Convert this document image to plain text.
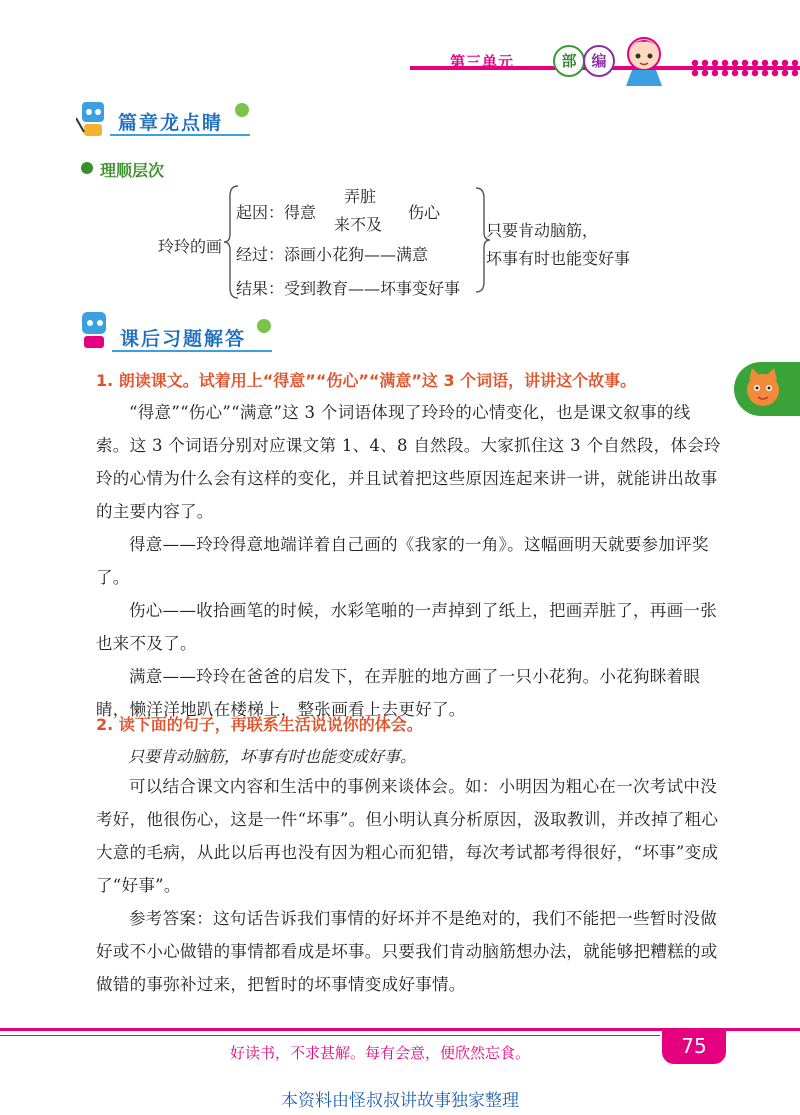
第三单元	部 编
篇章龙点睛
理顺层次
玲玲的画
起因：得意
弄脏
来不及
伤心
经过：添画小花狗——满意
结果：受到教育——坏事变好事
只要肯动脑筋，
坏事有时也能变好事
课后习题解答
1. 朗读课文。试着用上“得意”“伤心”“满意”这 3 个词语，讲讲这个故事。

“得意”“伤心”“满意”这 3 个词语体现了玲玲的心情变化，也是课文叙事的线索。这 3 个词语分别对应课文第 1、4、8 自然段。大家抓住这 3 个自然段，体会玲玲的心情为什么会有这样的变化，并且试着把这些原因连起来讲一讲，就能讲出故事的主要内容了。

得意——玲玲得意地端详着自己画的《我家的一角》。这幅画明天就要参加评奖了。

伤心——收拾画笔的时候，水彩笔啪的一声掉到了纸上，把画弄脏了，再画一张也来不及了。

满意——玲玲在爸爸的启发下，在弄脏的地方画了一只小花狗。小花狗眯着眼睛，懒洋洋地趴在楼梯上，整张画看上去更好了。

2. 读下面的句子，再联系生活说说你的体会。
只要肯动脑筋，坏事有时也能变成好事。

可以结合课文内容和生活中的事例来谈体会。如：小明因为粗心在一次考试中没考好，他很伤心，这是一件“坏事”。但小明认真分析原因，汲取教训，并改掉了粗心大意的毛病，从此以后再也没有因为粗心而犯错，每次考试都考得很好，“坏事”变成了“好事”。

参考答案：这句话告诉我们事情的好坏并不是绝对的，我们不能把一些暂时没做好或不小心做错的事情都看成是坏事。只要我们肯动脑筋想办法，就能够把糟糕的或做错的事弥补过来，把暂时的坏事情变成好事情。

好读书，不求甚解。每有会意，便欣然忘食。	75
本资料由怪叔叔讲故事独家整理
